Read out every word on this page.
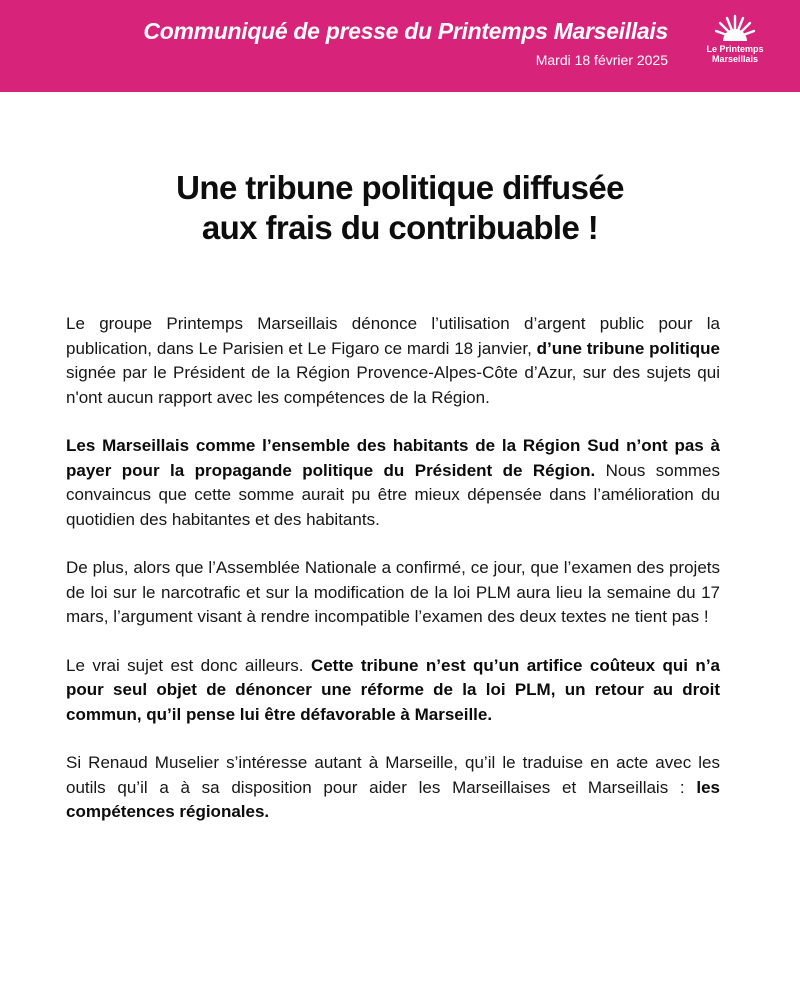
Communiqué de presse du Printemps Marseillais
Mardi 18 février 2025
Le Printemps
Marseillais
Une tribune politique diffusée
aux frais du contribuable !

Le groupe Printemps Marseillais dénonce l’utilisation d’argent public pour la publication, dans Le Parisien et Le Figaro ce mardi 18 janvier, d’une tribune politique signée par le Président de la Région Provence-Alpes-Côte d’Azur, sur des sujets qui n'ont aucun rapport avec les compétences de la Région.

Les Marseillais comme l’ensemble des habitants de la Région Sud n’ont pas à payer pour la propagande politique du Président de Région. Nous sommes convaincus que cette somme aurait pu être mieux dépensée dans l’amélioration du quotidien des habitantes et des habitants.

De plus, alors que l’Assemblée Nationale a confirmé, ce jour, que l’examen des projets de loi sur le narcotrafic et sur la modification de la loi PLM aura lieu la semaine du 17 mars, l’argument visant à rendre incompatible l’examen des deux textes ne tient pas !

Le vrai sujet est donc ailleurs. Cette tribune n’est qu’un artifice coûteux qui n’a pour seul objet de dénoncer une réforme de la loi PLM, un retour au droit commun, qu’il pense lui être défavorable à Marseille.

Si Renaud Muselier s’intéresse autant à Marseille, qu’il le traduise en acte avec les outils qu’il a à sa disposition pour aider les Marseillaises et Marseillais : les compétences régionales.
